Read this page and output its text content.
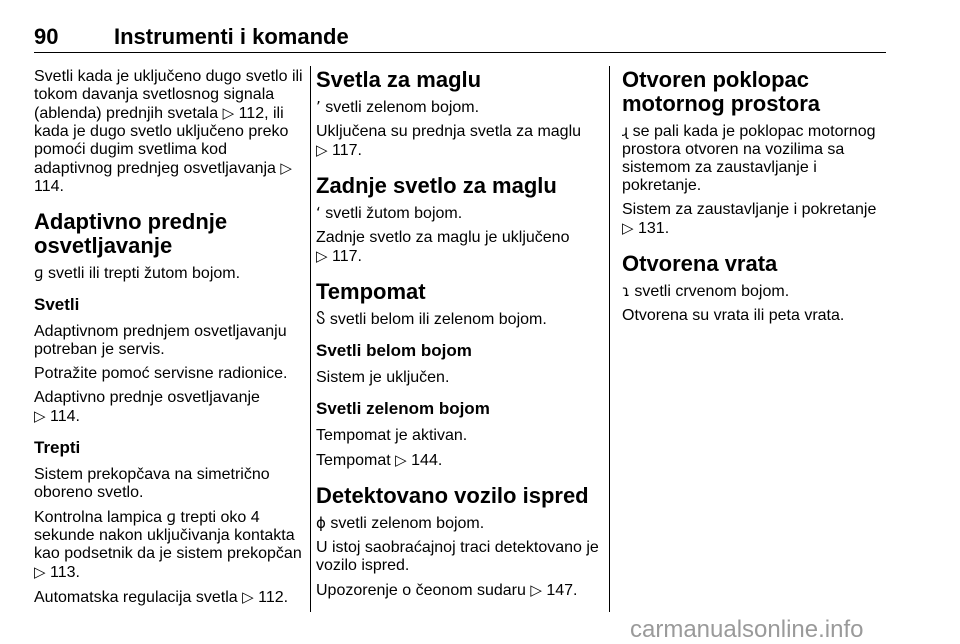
90	Instrumenti i komande

Svetli kada je uključeno dugo svetlo ili tokom davanja svetlosnog signala (ablenda) prednjih svetala ▷ 112, ili kada je dugo svetlo uključeno preko pomoći dugim svetlima kod adaptivnog prednjeg osvetljavanja ▷ 114.

Adaptivno prednje osvetljavanje

ɡ svetli ili trepti žutom bojom.

Svetli

Adaptivnom prednjem osvetljavanju potreban je servis.

Potražite pomoć servisne radionice.

Adaptivno prednje osvetljavanje
▷ 114.

Trepti

Sistem prekopčava na simetrično oboreno svetlo.

Kontrolna lampica ɡ trepti oko 4 sekunde nakon uključivanja kontakta kao podsetnik da je sistem prekopčan ▷ 113.

Automatska regulacija svetla ▷ 112.

Svetla za maglu

ʼ svetli zelenom bojom.

Uključena su prednja svetla za maglu
▷ 117.

Zadnje svetlo za maglu

ʻ svetli žutom bojom.

Zadnje svetlo za maglu je uključeno
▷ 117.

Tempomat

Ⴝ svetli belom ili zelenom bojom.

Svetli belom bojom

Sistem je uključen.

Svetli zelenom bojom

Tempomat je aktivan.

Tempomat ▷ 144.

Detektovano vozilo ispred

ɸ svetli zelenom bojom.

U istoj saobraćajnoj traci detektovano je vozilo ispred.

Upozorenje o čeonom sudaru ▷ 147.

Otvoren poklopac motornog prostora

ɻ se pali kada je poklopac motornog prostora otvoren na vozilima sa sistemom za zaustavljanje i pokretanje.

Sistem za zaustavljanje i pokretanje
▷ 131.

Otvorena vrata

ɿ svetli crvenom bojom.

Otvorena su vrata ili peta vrata.

carmanualsonline.info
